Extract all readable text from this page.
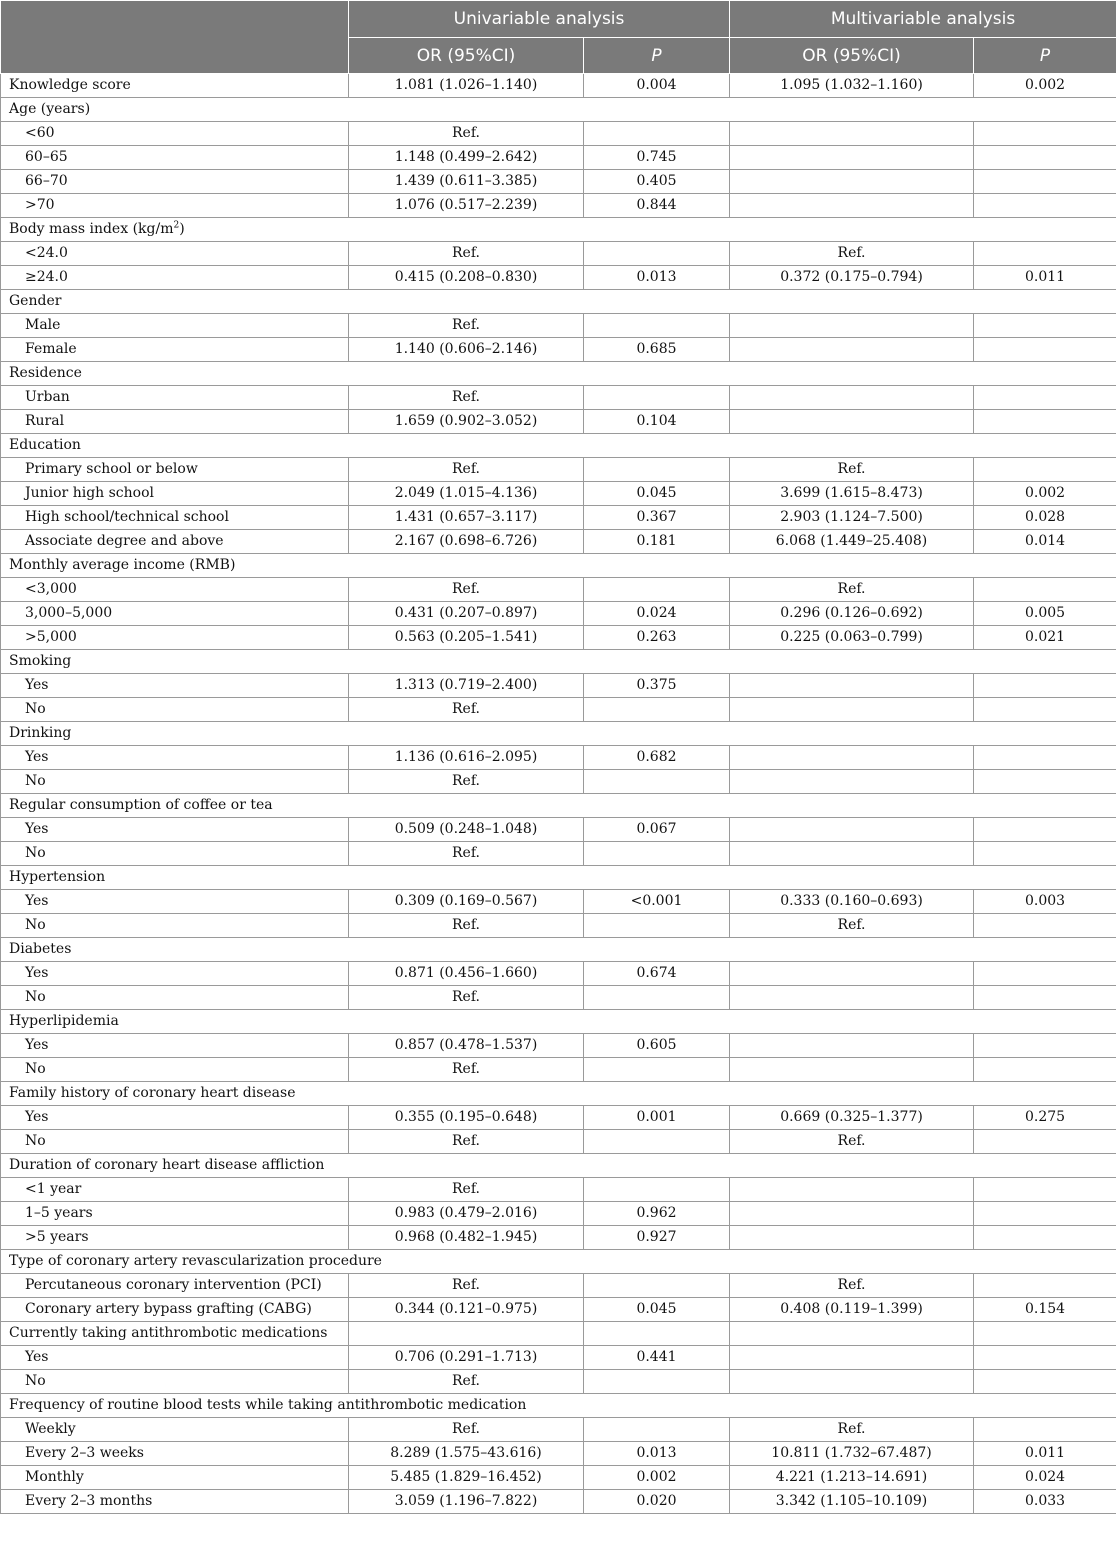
	Univariable analysis		Multivariable analysis	
	OR (95%CI)	P	OR (95%CI)	P
Knowledge score	1.081 (1.026–1.140)	0.004	1.095 (1.032–1.160)	0.002
Age (years)				
<60	Ref.			
60–65	1.148 (0.499–2.642)	0.745		
66–70	1.439 (0.611–3.385)	0.405		
>70	1.076 (0.517–2.239)	0.844		
Body mass index $(kg/m^2)$				
<24.0	Ref.		Ref.	
≥24.0	0.415 (0.208–0.830)	0.013	0.372 (0.175–0.794)	0.011
Gender				
Male	Ref.			
Female	1.140 (0.606–2.146)	0.685		
Residence				
Urban	Ref.			
Rural	1.659 (0.902–3.052)	0.104		
Education				
Primary school or below	Ref.		Ref.	
Junior high school	2.049 (1.015–4.136)	0.045	3.699 (1.615–8.473)	0.002
High school/technical school	1.431 (0.657–3.117)	0.367	2.903 (1.124–7.500)	0.028
Associate degree and above	2.167 (0.698–6.726)	0.181	6.068 (1.449–25.408)	0.014
Monthly average income (RMB)				
<3,000	Ref.		Ref.	
3,000–5,000	0.431 (0.207–0.897)	0.024	0.296 (0.126–0.692)	0.005
>5,000	0.563 (0.205–1.541)	0.263	0.225 (0.063–0.799)	0.021
Smoking				
Yes	1.313 (0.719–2.400)	0.375		
No	Ref.			
Drinking				
Yes	1.136 (0.616–2.095)	0.682		
No	Ref.			
Regular consumption of coffee or tea				
Yes	0.509 (0.248–1.048)	0.067		
No	Ref.			
Hypertension				
Yes	0.309 (0.169–0.567)	<0.001	0.333 (0.160–0.693)	0.003
No	Ref.		Ref.	
Diabetes				
Yes	0.871 (0.456–1.660)	0.674		
No	Ref.			
Hyperlipidemia				
Yes	0.857 (0.478–1.537)	0.605		
No	Ref.			
Family history of coronary heart disease				
Yes	0.355 (0.195–0.648)	0.001	0.669 (0.325–1.377)	0.275
No	Ref.		Ref.	
Duration of coronary heart disease affliction				
<1 year	Ref.			
1–5 years	0.983 (0.479–2.016)	0.962		
>5 years	0.968 (0.482–1.945)	0.927		
Type of coronary artery revascularization procedure				
Percutaneous coronary intervention (PCI)	Ref.		Ref.	
Coronary artery bypass grafting (CABG)	0.344 (0.121–0.975)	0.045	0.408 (0.119–1.399)	0.154
Currently taking antithrombotic medications				
Yes	0.706 (0.291–1.713)	0.441		
No	Ref.			
Frequency of routine blood tests while taking antithrombotic medication				
Weekly	Ref.		Ref.	
Every 2–3 weeks	8.289 (1.575–43.616)	0.013	10.811 (1.732–67.487)	0.011
Monthly	5.485 (1.829–16.452)	0.002	4.221 (1.213–14.691)	0.024
Every 2–3 months	3.059 (1.196–7.822)	0.020	3.342 (1.105–10.109)	0.033
